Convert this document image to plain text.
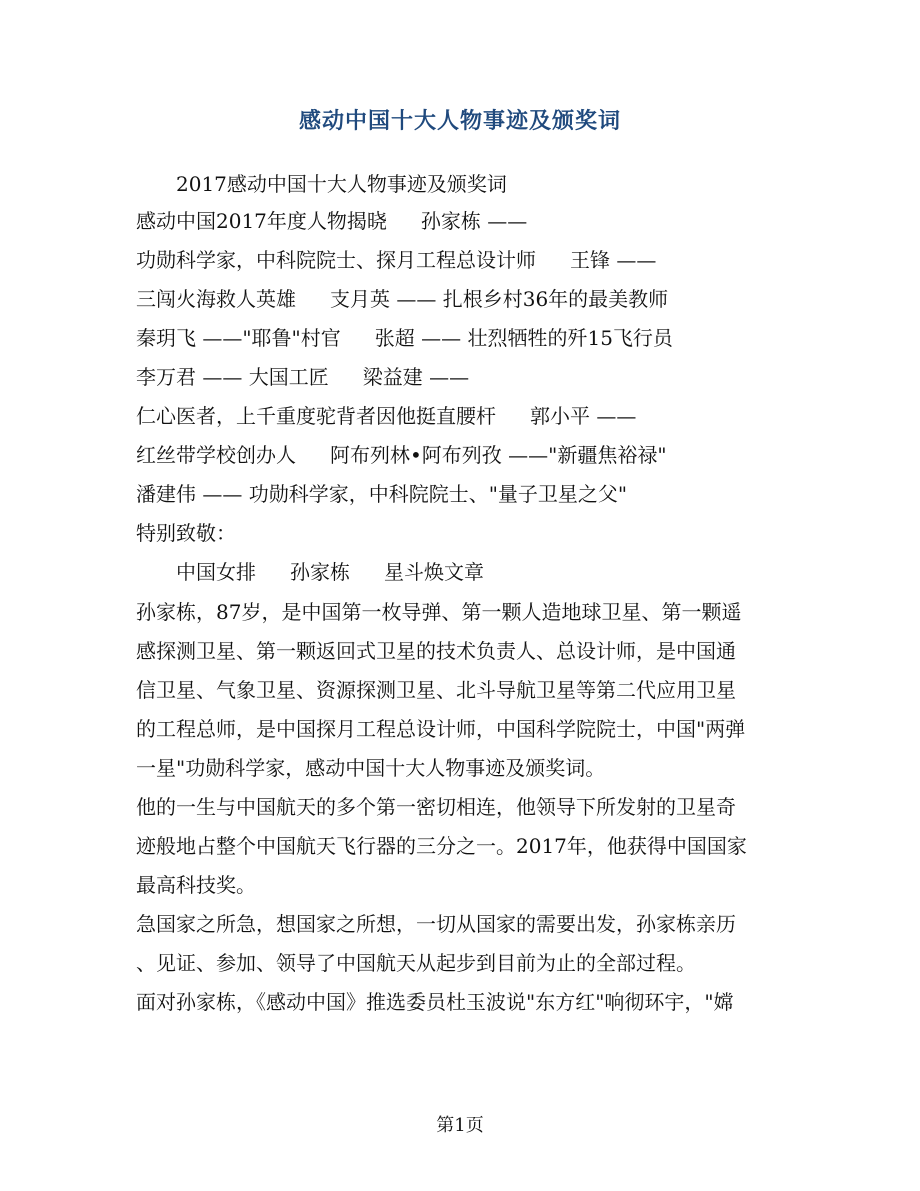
感动中国十大人物事迹及颁奖词
2017感动中国十大人物事迹及颁奖词
感动中国2017年度人物揭晓 孙家栋 ——
功勋科学家，中科院院士、探月工程总设计师 王锋 ——
三闯火海救人英雄 支月英 —— 扎根乡村36年的最美教师
秦玥飞 ——"耶鲁"村官 张超 —— 壮烈牺牲的歼15飞行员
李万君 —— 大国工匠 梁益建 ——
仁心医者，上千重度驼背者因他挺直腰杆 郭小平 ——
红丝带学校创办人 阿布列林•阿布列孜 ——"新疆焦裕禄"
潘建伟 —— 功勋科学家，中科院院士、"量子卫星之父"
特别致敬：
中国女排 孙家栋 星斗焕文章
孙家栋，87岁，是中国第一枚导弹、第一颗人造地球卫星、第一颗遥
感探测卫星、第一颗返回式卫星的技术负责人、总设计师，是中国通
信卫星、气象卫星、资源探测卫星、北斗导航卫星等第二代应用卫星
的工程总师，是中国探月工程总设计师，中国科学院院士，中国"两弹
一星"功勋科学家，感动中国十大人物事迹及颁奖词。
他的一生与中国航天的多个第一密切相连，他领导下所发射的卫星奇
迹般地占整个中国航天飞行器的三分之一。2017年，他获得中国国家
最高科技奖。
急国家之所急，想国家之所想，一切从国家的需要出发，孙家栋亲历
、见证、参加、领导了中国航天从起步到目前为止的全部过程。
面对孙家栋，《感动中国》推选委员杜玉波说"东方红"响彻环宇，"嫦
第1页
